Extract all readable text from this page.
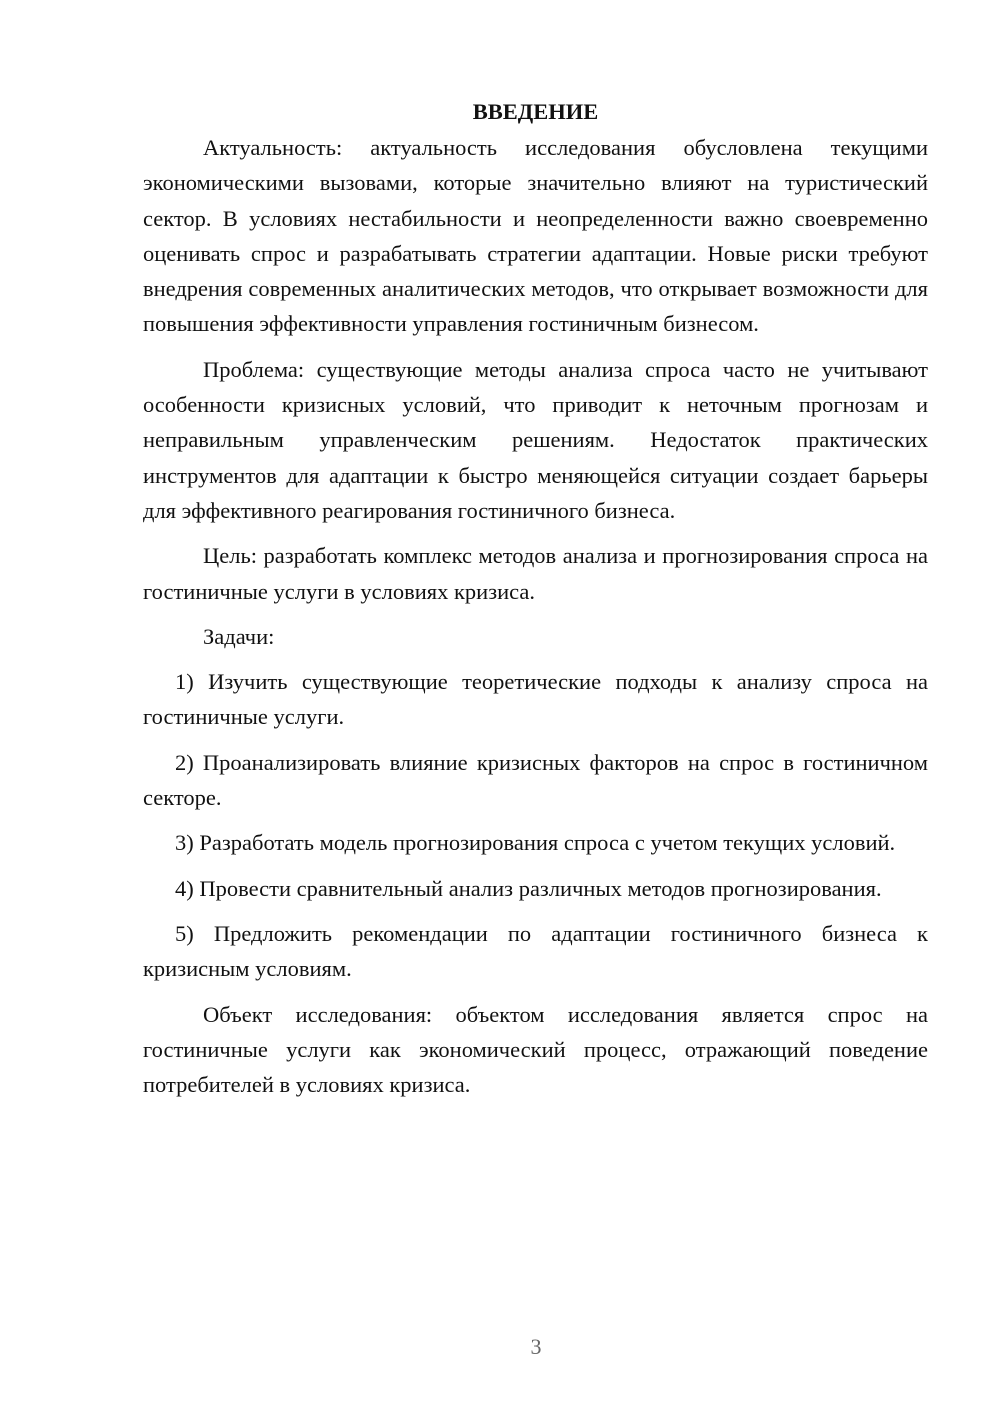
ВВЕДЕНИЕ

Актуальность: актуальность исследования обусловлена текущими экономическими вызовами, которые значительно влияют на туристический сектор. В условиях нестабильности и неопределенности важно своевременно оценивать спрос и разрабатывать стратегии адаптации. Новые риски требуют внедрения современных аналитических методов, что открывает возможности для повышения эффективности управления гостиничным бизнесом.

Проблема: существующие методы анализа спроса часто не учитывают особенности кризисных условий, что приводит к неточным прогнозам и неправильным управленческим решениям. Недостаток практических инструментов для адаптации к быстро меняющейся ситуации создает барьеры для эффективного реагирования гостиничного бизнеса.

Цель: разработать комплекс методов анализа и прогнозирования спроса на гостиничные услуги в условиях кризиса.

Задачи:

1) Изучить существующие теоретические подходы к анализу спроса на гостиничные услуги.

2) Проанализировать влияние кризисных факторов на спрос в гостиничном секторе.

3) Разработать модель прогнозирования спроса с учетом текущих условий.

4) Провести сравнительный анализ различных методов прогнозирования.

5) Предложить рекомендации по адаптации гостиничного бизнеса к кризисным условиям.

Объект исследования: объектом исследования является спрос на гостиничные услуги как экономический процесс, отражающий поведение потребителей в условиях кризиса.

3
